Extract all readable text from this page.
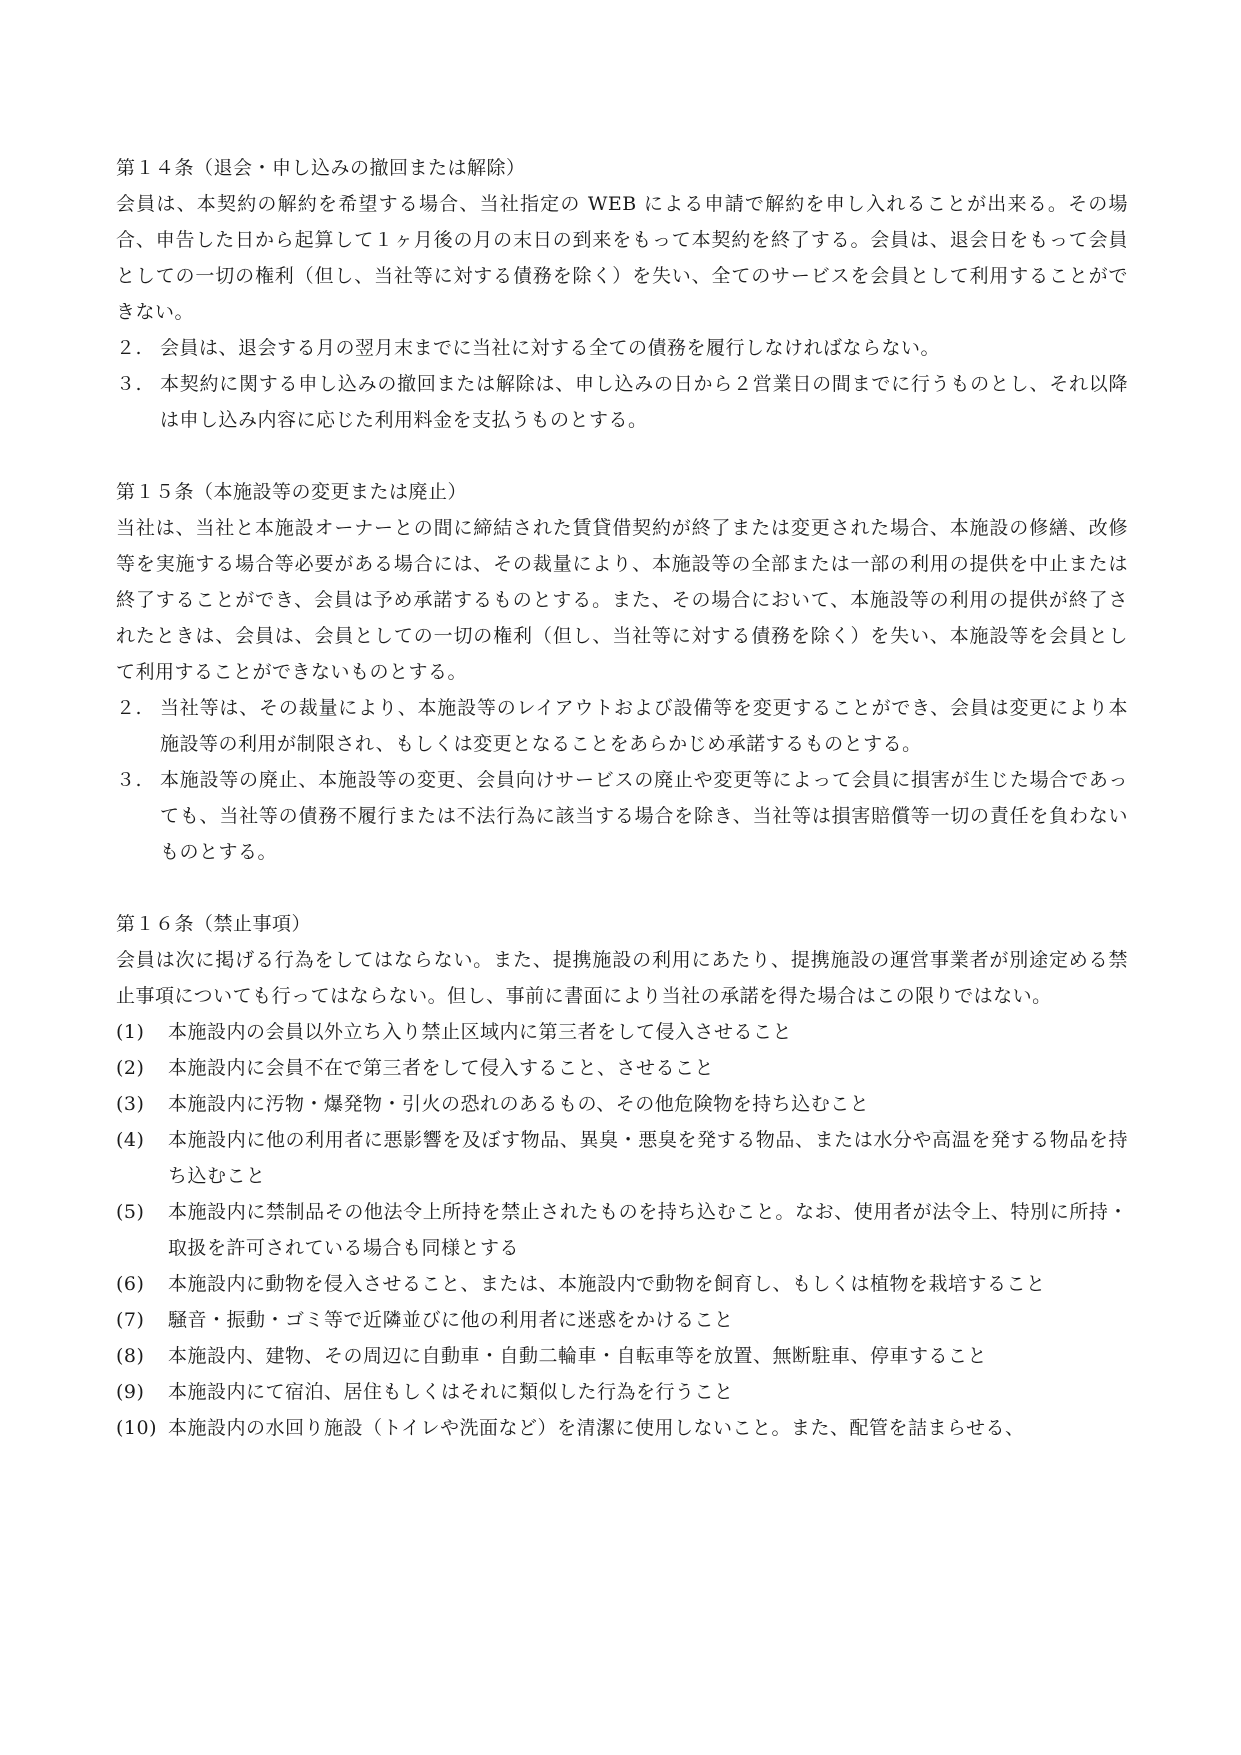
第１４条（退会・申し込みの撤回または解除）
会員は、本契約の解約を希望する場合、当社指定の WEB による申請で解約を申し入れることが出来る。その場合、申告した日から起算して１ヶ月後の月の末日の到来をもって本契約を終了する。会員は、退会日をもって会員としての一切の権利（但し、当社等に対する債務を除く）を失い、全てのサービスを会員として利用することができない。
２. 会員は、退会する月の翌月末までに当社に対する全ての債務を履行しなければならない。
３. 本契約に関する申し込みの撤回または解除は、申し込みの日から２営業日の間までに行うものとし、それ以降は申し込み内容に応じた利用料金を支払うものとする。
第１５条（本施設等の変更または廃止）
当社は、当社と本施設オーナーとの間に締結された賃貸借契約が終了または変更された場合、本施設の修繕、改修等を実施する場合等必要がある場合には、その裁量により、本施設等の全部または一部の利用の提供を中止または終了することができ、会員は予め承諾するものとする。また、その場合において、本施設等の利用の提供が終了されたときは、会員は、会員としての一切の権利（但し、当社等に対する債務を除く）を失い、本施設等を会員として利用することができないものとする。
２. 当社等は、その裁量により、本施設等のレイアウトおよび設備等を変更することができ、会員は変更により本施設等の利用が制限され、もしくは変更となることをあらかじめ承諾するものとする。
３. 本施設等の廃止、本施設等の変更、会員向けサービスの廃止や変更等によって会員に損害が生じた場合であっても、当社等の債務不履行または不法行為に該当する場合を除き、当社等は損害賠償等一切の責任を負わないものとする。
第１６条（禁止事項）
会員は次に掲げる行為をしてはならない。また、提携施設の利用にあたり、提携施設の運営事業者が別途定める禁止事項についても行ってはならない。但し、事前に書面により当社の承諾を得た場合はこの限りではない。
(1)	本施設内の会員以外立ち入り禁止区域内に第三者をして侵入させること
(2)	本施設内に会員不在で第三者をして侵入すること、させること
(3)	本施設内に汚物・爆発物・引火の恐れのあるもの、その他危険物を持ち込むこと
(4)	本施設内に他の利用者に悪影響を及ぼす物品、異臭・悪臭を発する物品、または水分や高温を発する物品を持ち込むこと
(5)	本施設内に禁制品その他法令上所持を禁止されたものを持ち込むこと。なお、使用者が法令上、特別に所持・取扱を許可されている場合も同様とする
(6)	本施設内に動物を侵入させること、または、本施設内で動物を飼育し、もしくは植物を栽培すること
(7)	騒音・振動・ゴミ等で近隣並びに他の利用者に迷惑をかけること
(8)	本施設内、建物、その周辺に自動車・自動二輪車・自転車等を放置、無断駐車、停車すること
(9)	本施設内にて宿泊、居住もしくはそれに類似した行為を行うこと
(10) 本施設内の水回り施設（トイレや洗面など）を清潔に使用しないこと。また、配管を詰まらせる、
